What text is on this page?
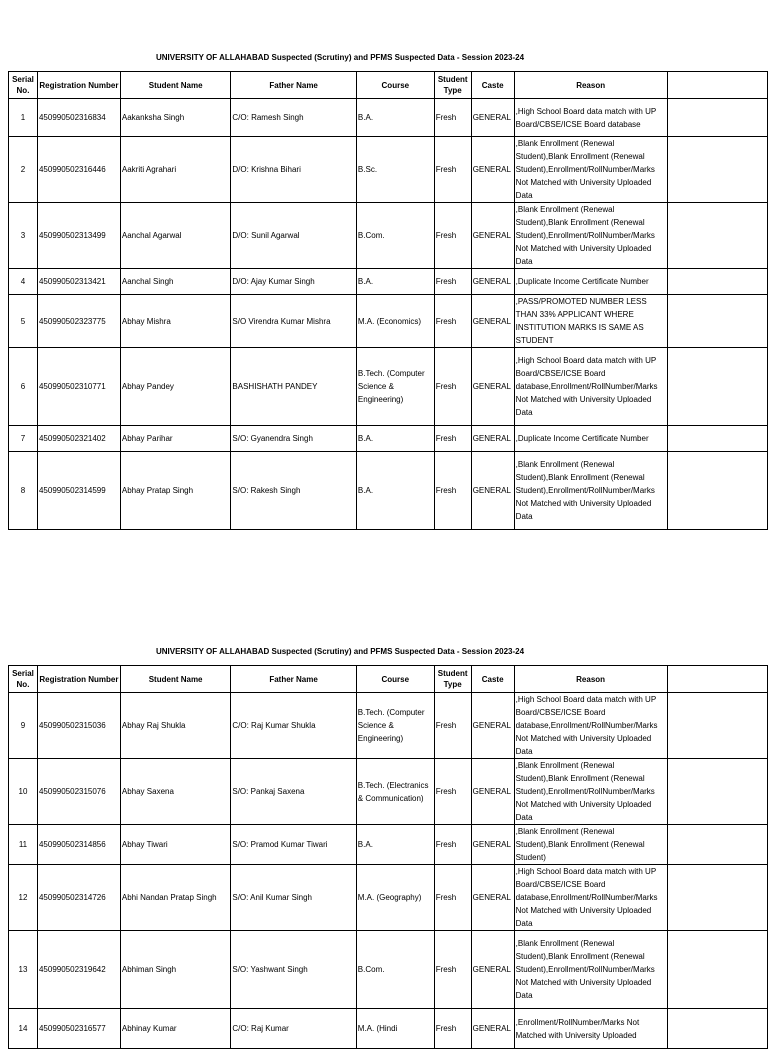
UNIVERSITY OF ALLAHABAD Suspected (Scrutiny) and PFMS Suspected Data - Session 2023-24
Serial No.	Registration Number	Student Name	Father Name	Course	Student Type	Caste	Reason	
1	450990502316834	Aakanksha Singh	C/O: Ramesh Singh	B.A.	Fresh	GENERAL	,High School Board data match with UP Board/CBSE/ICSE Board database	
2	450990502316446	Aakriti Agrahari	D/O: Krishna Bihari	B.Sc.	Fresh	GENERAL	,Blank Enrollment (Renewal Student),Blank Enrollment (Renewal Student),Enrollment/RollNumber/Marks Not Matched with University Uploaded Data	
3	450990502313499	Aanchal Agarwal	D/O: Sunil Agarwal	B.Com.	Fresh	GENERAL	,Blank Enrollment (Renewal Student),Blank Enrollment (Renewal Student),Enrollment/RollNumber/Marks Not Matched with University Uploaded Data	
4	450990502313421	Aanchal Singh	D/O: Ajay Kumar Singh	B.A.	Fresh	GENERAL	,Duplicate Income Certificate Number	
5	450990502323775	Abhay Mishra	S/O Virendra Kumar Mishra	M.A. (Economics)	Fresh	GENERAL	,PASS/PROMOTED NUMBER LESS THAN 33% APPLICANT WHERE INSTITUTION MARKS IS SAME AS STUDENT	
6	450990502310771	Abhay Pandey	BASHISHATH PANDEY	B.Tech. (Computer Science & Engineering)	Fresh	GENERAL	,High School Board data match with UP Board/CBSE/ICSE Board database,Enrollment/RollNumber/Marks Not Matched with University Uploaded Data	
7	450990502321402	Abhay Parihar	S/O: Gyanendra Singh	B.A.	Fresh	GENERAL	,Duplicate Income Certificate Number	
8	450990502314599	Abhay Pratap Singh	S/O: Rakesh Singh	B.A.	Fresh	GENERAL	,Blank Enrollment (Renewal Student),Blank Enrollment (Renewal Student),Enrollment/RollNumber/Marks Not Matched with University Uploaded Data	
UNIVERSITY OF ALLAHABAD Suspected (Scrutiny) and PFMS Suspected Data - Session 2023-24
Serial No.	Registration Number	Student Name	Father Name	Course	Student Type	Caste	Reason	
9	450990502315036	Abhay Raj Shukla	C/O: Raj Kumar Shukla	B.Tech. (Computer Science & Engineering)	Fresh	GENERAL	,High School Board data match with UP Board/CBSE/ICSE Board database,Enrollment/RollNumber/Marks Not Matched with University Uploaded Data	
10	450990502315076	Abhay Saxena	S/O: Pankaj Saxena	B.Tech. (Electranics & Communication)	Fresh	GENERAL	,Blank Enrollment (Renewal Student),Blank Enrollment (Renewal Student),Enrollment/RollNumber/Marks Not Matched with University Uploaded Data	
11	450990502314856	Abhay Tiwari	S/O: Pramod Kumar Tiwari	B.A.	Fresh	GENERAL	,Blank Enrollment (Renewal Student),Blank Enrollment (Renewal Student)	
12	450990502314726	Abhi Nandan Pratap Singh	S/O: Anil Kumar Singh	M.A. (Geography)	Fresh	GENERAL	,High School Board data match with UP Board/CBSE/ICSE Board database,Enrollment/RollNumber/Marks Not Matched with University Uploaded Data	
13	450990502319642	Abhiman Singh	S/O: Yashwant Singh	B.Com.	Fresh	GENERAL	,Blank Enrollment (Renewal Student),Blank Enrollment (Renewal Student),Enrollment/RollNumber/Marks Not Matched with University Uploaded Data	
14	450990502316577	Abhinay Kumar	C/O: Raj Kumar	M.A. (Hindi	Fresh	GENERAL	,Enrollment/RollNumber/Marks Not Matched with University Uploaded	
